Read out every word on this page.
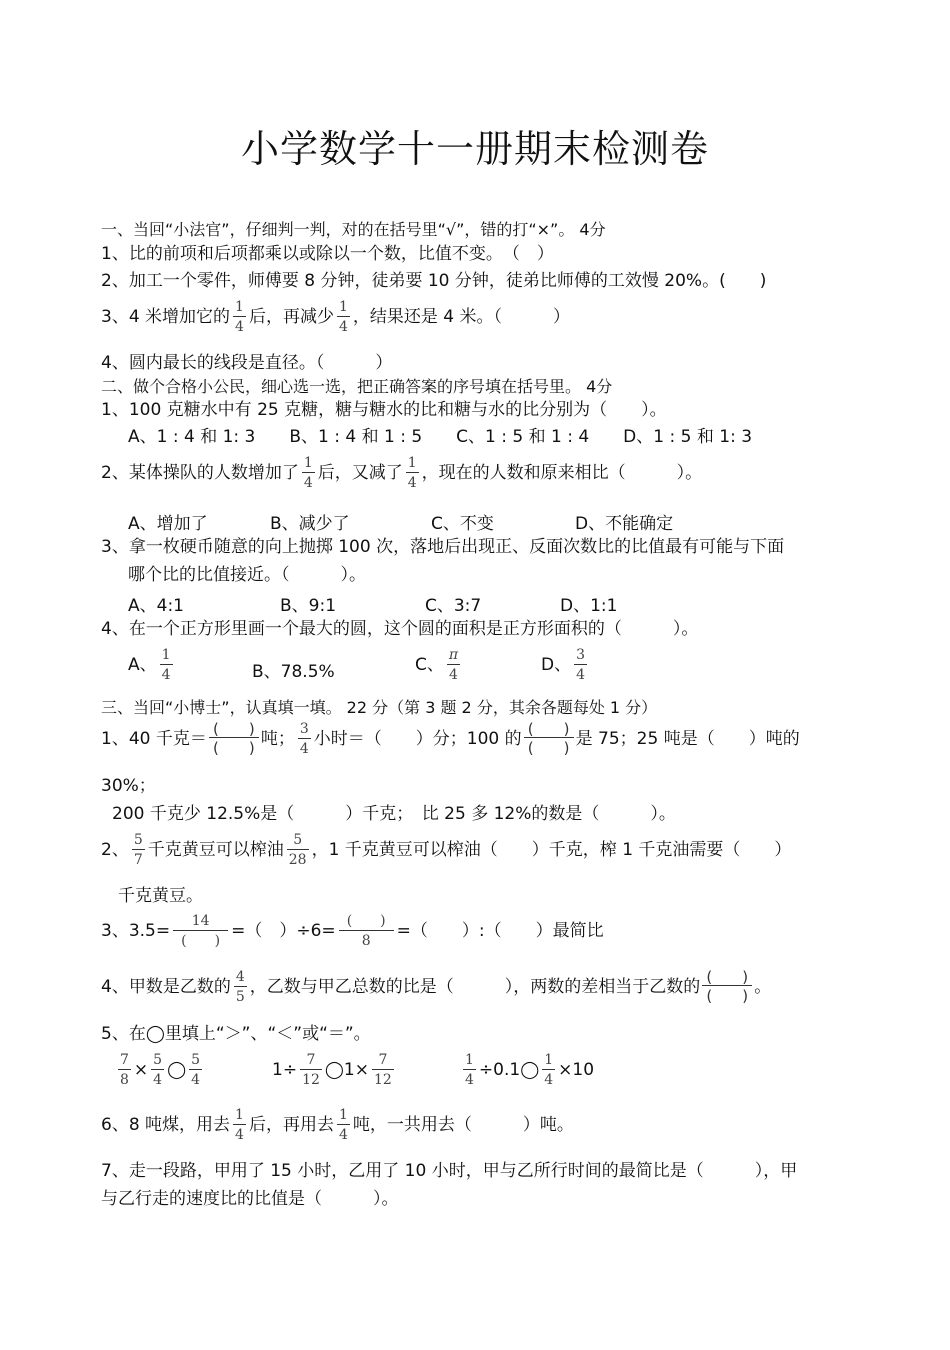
小学数学十一册期末检测卷
一、当回“小法官”，仔细判一判，对的在括号里“√”，错的打“×”。 4分
1、比的前项和后项都乘以或除以一个数，比值不变。　（　）
2、加工一个零件，师傅要 8 分钟，徒弟要 10 分钟，徒弟比师傅的工效慢 20%。(　　)
3、4 米增加它的 $\frac{1}{4}$ 后，再减少 $\frac{1}{4}$ ，结果还是 4 米。（　　　）
4、圆内最长的线段是直径。（　　　）
二、做个合格小公民，细心选一选，把正确答案的序号填在括号里。 4分
1、100 克糖水中有 25 克糖，糖与糖水的比和糖与水的比分别为（　　）。
A、1 : 4 和 1: 3　　B、1 : 4 和 1 : 5　　C、1 : 5 和 1 : 4　　D、1 : 5 和 1: 3
2、某体操队的人数增加了 $\frac{1}{4}$ 后，又减了 $\frac{1}{4}$ ，现在的人数和原来相比（　　　）。
A、增加了	B、减少了	C、不变	D、不能确定
3、拿一枚硬币随意的向上抛掷 100 次，落地后出现正、反面次数比的比值最有可能与下面
哪个比的比值接近。（　　　）。
A、4:1	B、9:1	C、3:7	D、1:1
4、在一个正方形里画一个最大的圆，这个圆的面积是正方形面积的（　　　）。
A、 $\frac{1}{4}$	B、78.5%	C、 $\frac{\pi}{4}$	D、 $\frac{3}{4}$
三、当回“小博士”，认真填一填。 22 分（第 3 题 2 分，其余各题每处 1 分）
1、40 千克＝ (　　)
(　　) 吨； $\frac{3}{4}$ 小时＝（　　）分；100 的 (　　)
(　　) 是 75；25 吨是（　　）吨的
30%；
200 千克少 12.5%是（　　　）千克；　比 25 多 12%的数是（　　　）。
2、 $\frac{5}{7}$ 千克黄豆可以榨油 $\frac{5}{28}$ ，1 千克黄豆可以榨油（　　）千克，榨 1 千克油需要（　　）
千克黄豆。
3、3.5=	14
(　　) =（　）÷6= (　　)
8	=（　　）:（　　）最简比
4、甲数是乙数的 $\frac{4}{5}$ ，乙数与甲乙总数的比是（　　　），两数的差相当于乙数的 (　　)
(　　) 。
5、在◯里填上“＞”、“＜”或“＝”。
$\frac{7}{8} \times \frac{5}{4}$ ◯ $\frac{5}{4}$	$1\div \frac{7}{12}$ ◯1× $\frac{7}{12}$	$\frac{1}{4}$ ÷0.1◯ $\frac{1}{4} \times 10$
6、8 吨煤，用去 $\frac{1}{4}$ 后，再用去 $\frac{1}{4}$ 吨，一共用去（　　　）吨。
7、走一段路，甲用了 15 小时，乙用了 10 小时，甲与乙所行时间的最简比是（　　　），甲
与乙行走的速度比的比值是（　　　）。
